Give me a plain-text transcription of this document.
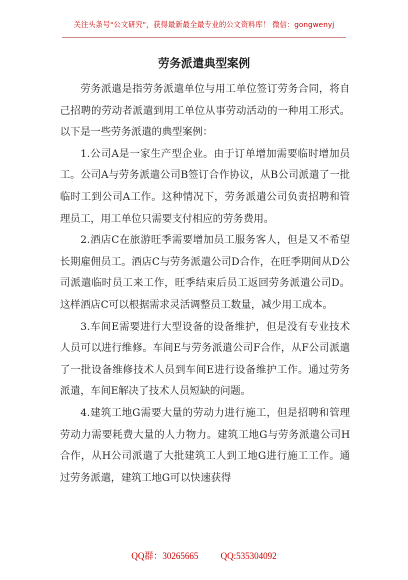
关注头条号"公文研究"，获得最新最全最专业的公文资料库！ 微信：gongwenyj
劳务派遣典型案例

劳务派遣是指劳务派遣单位与用工单位签订劳务合同，将自己招聘的劳动者派遣到用工单位从事劳动活动的一种用工形式。以下是一些劳务派遣的典型案例：

1.公司A是一家生产型企业。由于订单增加需要临时增加员工。公司A与劳务派遣公司B签订合作协议，从B公司派遣了一批临时工到公司A工作。这种情况下，劳务派遣公司负责招聘和管理员工，用工单位只需要支付相应的劳务费用。

2.酒店C在旅游旺季需要增加员工服务客人，但是又不希望长期雇佣员工。酒店C与劳务派遣公司D合作，在旺季期间从D公司派遣临时员工来工作，旺季结束后员工返回劳务派遣公司D。这样酒店C可以根据需求灵活调整员工数量，减少用工成本。

3.车间E需要进行大型设备的设备维护，但是没有专业技术人员可以进行维修。车间E与劳务派遣公司F合作，从F公司派遣了一批设备维修技术人员到车间E进行设备维护工作。通过劳务派遣，车间E解决了技术人员短缺的问题。

4.建筑工地G需要大量的劳动力进行施工，但是招聘和管理劳动力需要耗费大量的人力物力。建筑工地G与劳务派遣公司H合作，从H公司派遣了大批建筑工人到工地G进行施工工作。通过劳务派遣，建筑工地G可以快速获得

QQ群：30265665 QQ:535304092
